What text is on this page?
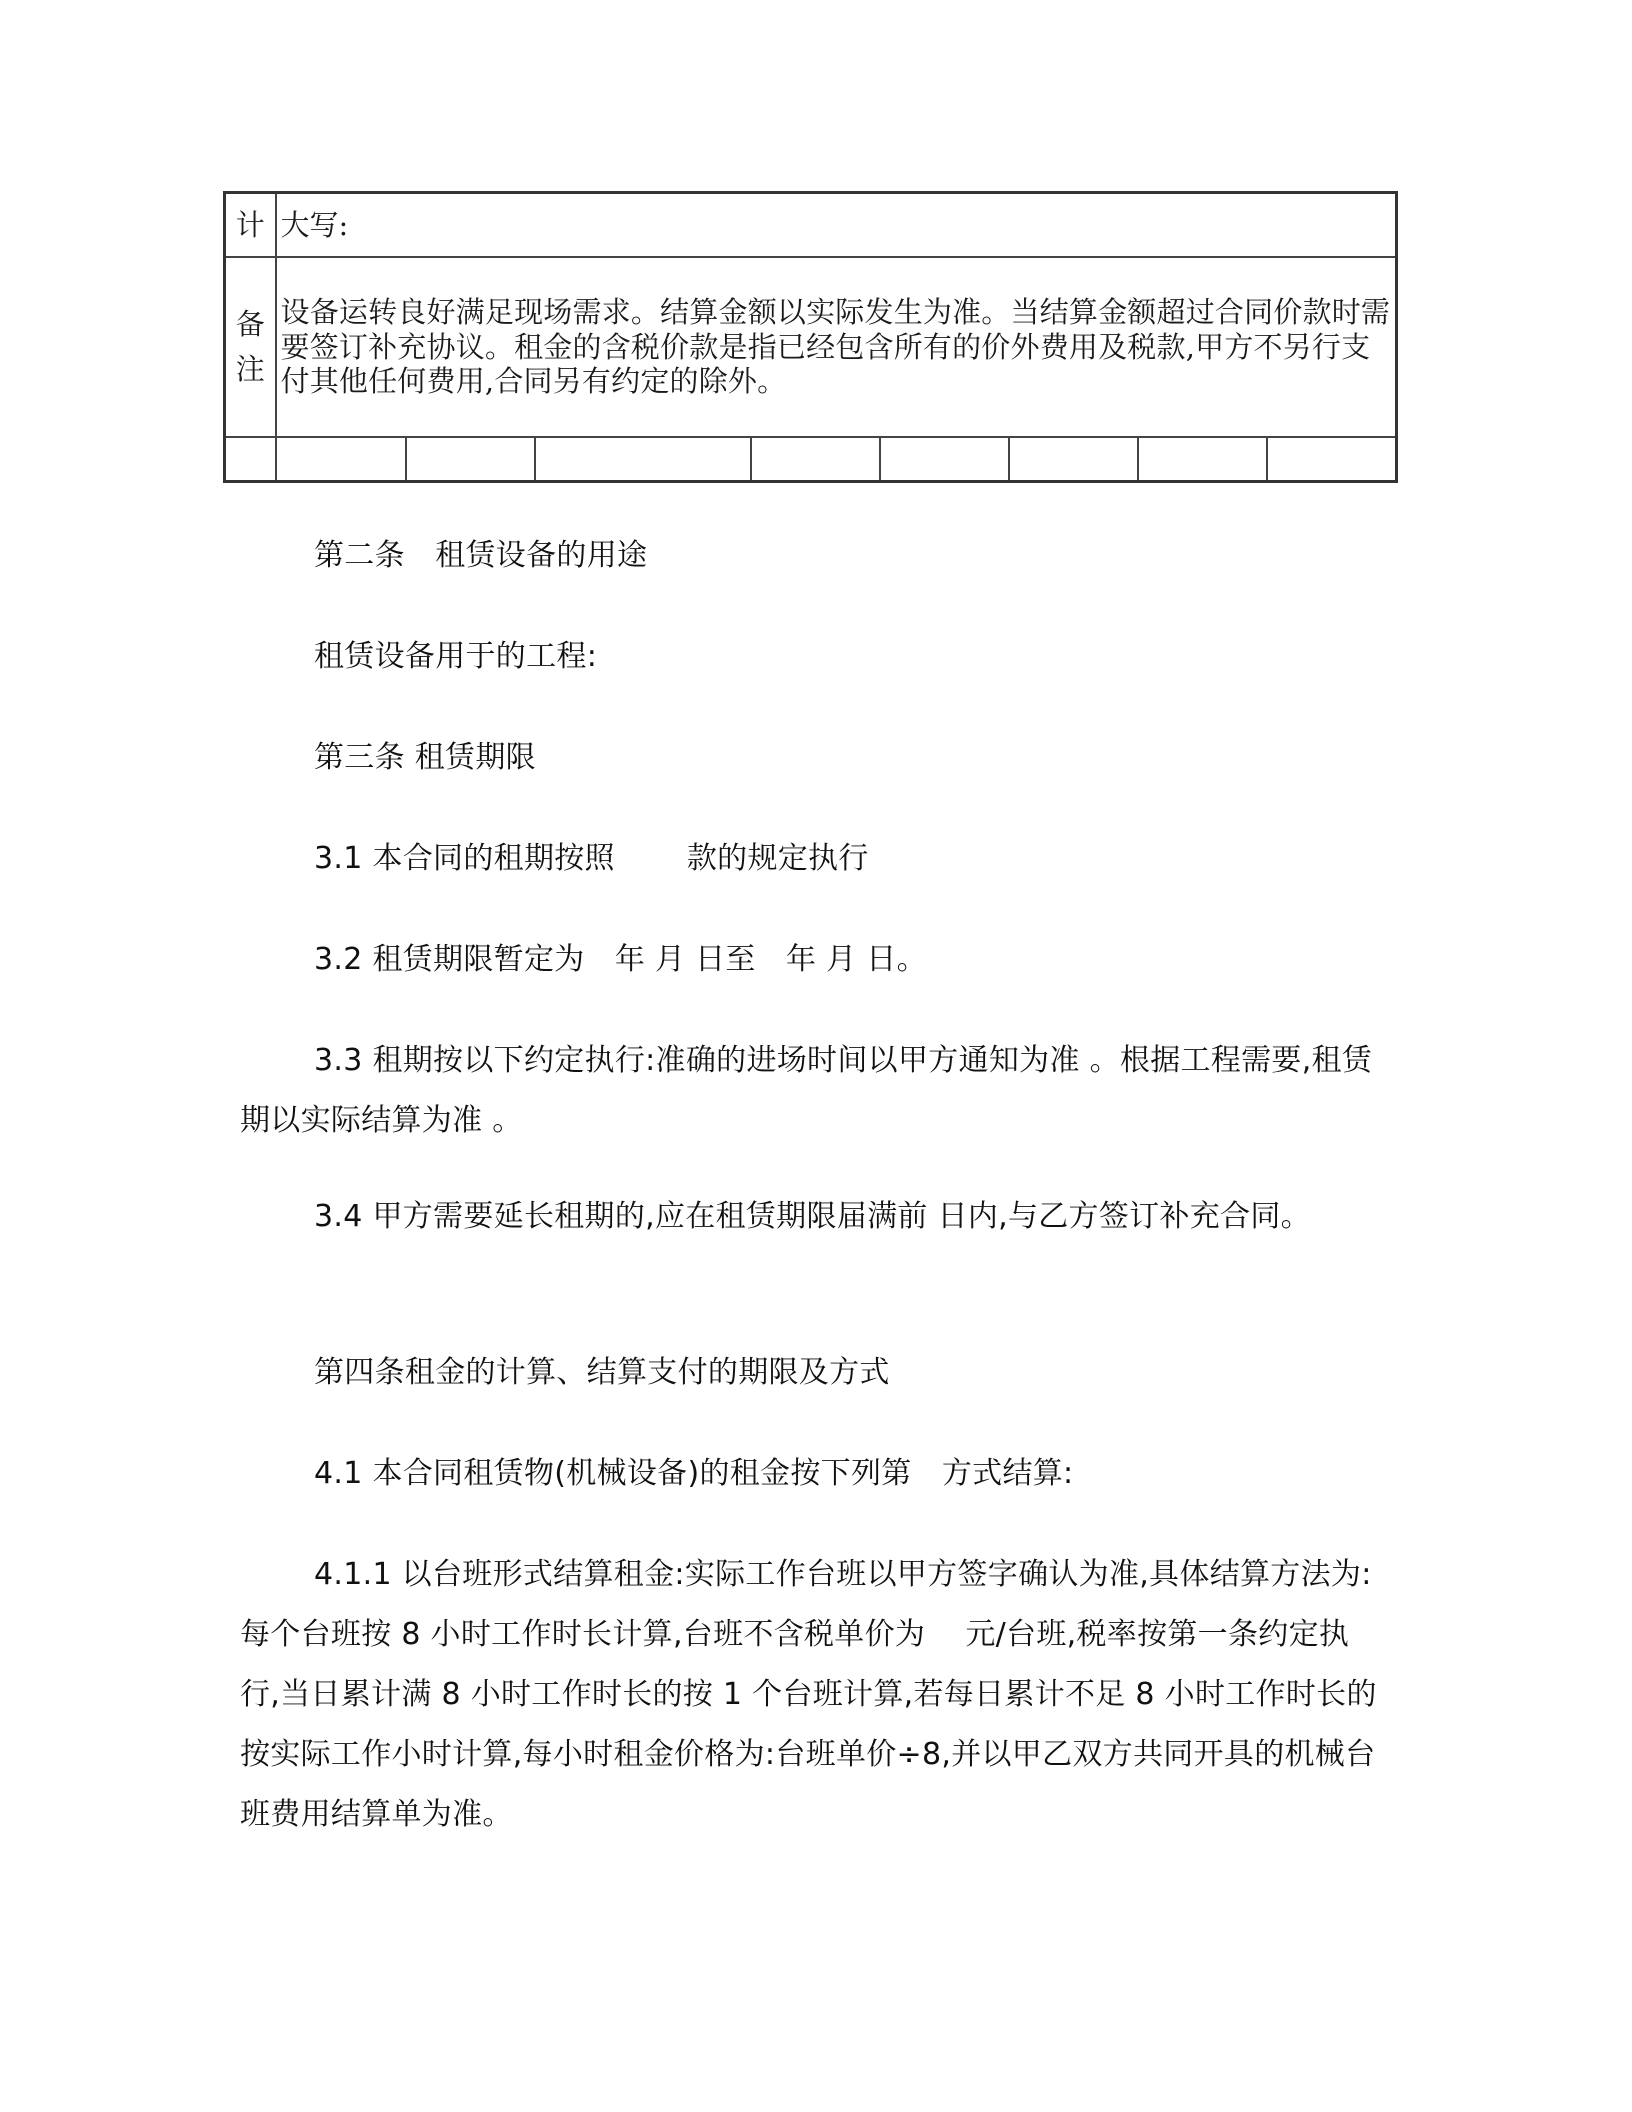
计	大写:							
备注	设备运转良好满足现场需求。结算金额以实际发生为准。当结算金额超过合同价款时需要签订补充协议。租金的含税价款是指已经包含所有的价外费用及税款,甲方不另行支付其他任何费用,合同另有约定的除外。							

第二条　租赁设备的用途

租赁设备用于的工程:

第三条 租赁期限

3.1 本合同的租期按照 款的规定执行

3.2 租赁期限暂定为　年 月 日至　年 月 日。

3.3 租期按以下约定执行:准确的进场时间以甲方通知为准 。根据工程需要,租赁期以实际结算为准 。

3.4 甲方需要延长租期的,应在租赁期限届满前 日内,与乙方签订补充合同。

第四条租金的计算、结算支付的期限及方式

4.1 本合同租赁物(机械设备)的租金按下列第　方式结算:

4.1.1 以台班形式结算租金:实际工作台班以甲方签字确认为准,具体结算方法为:每个台班按 8 小时工作时长计算,台班不含税单价为　 元/台班,税率按第一条约定执行,当日累计满 8 小时工作时长的按 1 个台班计算,若每日累计不足 8 小时工作时长的按实际工作小时计算,每小时租金价格为:台班单价÷8,并以甲乙双方共同开具的机械台班费用结算单为准。
